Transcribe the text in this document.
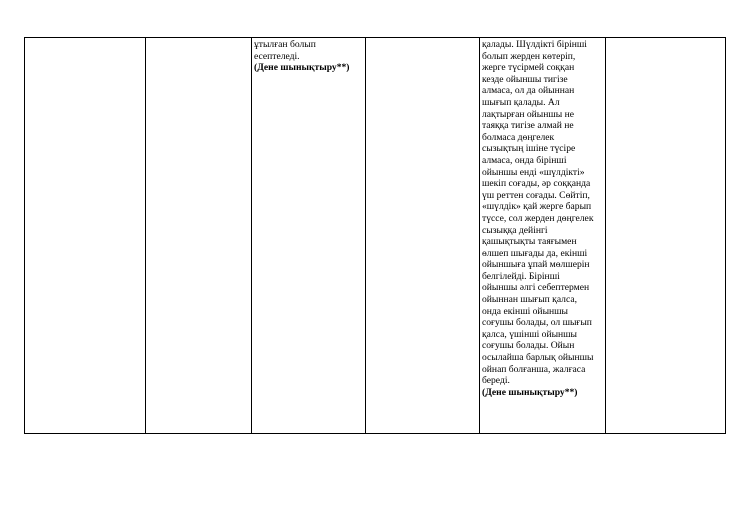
ұтылған болып

есептеледі.

(Дене шынықтыру**)

қалады. Шүлдікті бірінші

болып жерден көтеріп,

жерге түсірмей соққан

кезде ойыншы тигізе

алмаса, ол да ойыннан

шығып қалады. Ал

лақтырған ойыншы не

таяққа тигізе алмай не

болмаса дөңгелек

сызықтың ішіне түсіре

алмаса, онда бірінші

ойыншы енді «шүлдікті»

шекіп соғады, әр соққанда

үш реттен соғады. Сөйтіп,

«шүлдік» қай жерге барып

түссе, сол жерден дөңгелек

сызыққа дейінгі

қашықтықты таяғымен

өлшеп шығады да, екінші

ойыншыға ұпай мөлшерін

белгілейді. Бірінші

ойыншы әлгі себептермен

ойыннан шығып қалса,

онда екінші ойыншы

соғушы болады, ол шығып

қалса, үшінші ойыншы

соғушы болады. Ойын

осылайша барлық ойыншы

ойнап болғанша, жалғаса

береді.

(Дене шынықтыру**)
